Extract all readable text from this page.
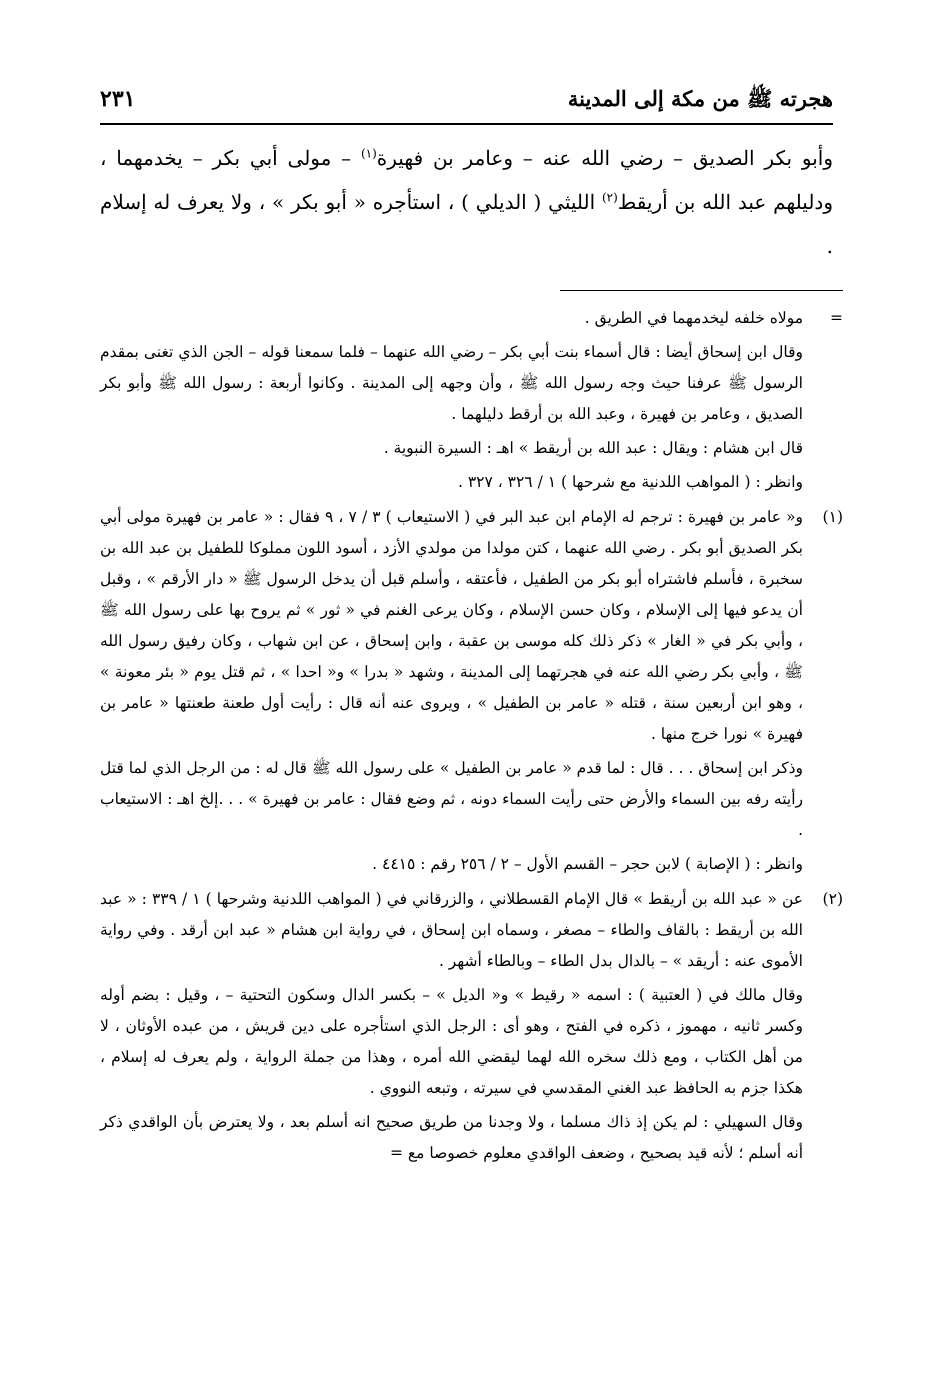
هجرته ﷺ من مكة إلى المدينة
٢٣١

وأبو بكر الصديق – رضي الله عنه – وعامر بن فهيرة$^{(١)}$ – مولى أبي بكر – يخدمهما ، ودليلهم عبد الله بن أريقط$^{(٢)}$ الليثي ( الديلي ) ، استأجره « أبو بكر » ، ولا يعرف له إسلام .

=

مولاه خلفه ليخدمهما في الطريق .

وقال ابن إسحاق أيضا : قال أسماء بنت أبي بكر – رضي الله عنهما – فلما سمعنا قوله – الجن الذي تغنى بمقدم الرسول ﷺ عرفنا حيث وجه رسول الله ﷺ ، وأن وجهه إلى المدينة . وكانوا أربعة : رسول الله ﷺ وأبو بكر الصديق ، وعامر بن فهيرة ، وعبد الله بن أرقط دليلهما .

قال ابن هشام : ويقال : عبد الله بن أريقط » اهـ : السيرة النبوية .

وانظر : ( المواهب اللدنية مع شرحها ) ١ / ٣٢٦ ، ٣٢٧ .

(١)

و« عامر بن فهيرة : ترجم له الإمام ابن عبد البر في ( الاستيعاب ) ٣ / ٧ ، ٩ فقال : « عامر بن فهيرة مولى أبي بكر الصديق أبو بكر . رضي الله عنهما ، كتن مولدا من مولدي الأزد ، أسود اللون مملوكا للطفيل بن عبد الله بن سخبرة ، فأسلم فاشتراه أبو بكر من الطفيل ، فأعتقه ، وأسلم قبل أن يدخل الرسول ﷺ « دار الأرقم » ، وقبل أن يدعو فيها إلى الإسلام ، وكان حسن الإسلام ، وكان يرعى الغنم في « ثور » ثم يروح بها على رسول الله ﷺ ، وأبي بكر في « الغار » ذكر ذلك كله موسى بن عقبة ، وابن إسحاق ، عن ابن شهاب ، وكان رفيق رسول الله ﷺ ، وأبي بكر رضي الله عنه في هجرتهما إلى المدينة ، وشهد « بدرا » و« احدا » ، ثم قتل يوم « بئر معونة » ، وهو ابن أربعين سنة ، قتله « عامر بن الطفيل » ، ويروى عنه أنه قال : رأيت أول طعنة طعنتها « عامر بن فهيرة » نورا خرج منها .

وذكر ابن إسحاق . . . قال : لما قدم « عامر بن الطفيل » على رسول الله ﷺ قال له : من الرجل الذي لما قتل رأيته رفه بين السماء والأرض حتى رأيت السماء دونه ، ثم وضع فقال : عامر بن فهيرة » . . .إلخ اهـ : الاستيعاب .

وانظر : ( الإصابة ) لابن حجر – القسم الأول – ٢ / ٢٥٦ رقم : ٤٤١٥ .

(٢)

عن « عبد الله بن أريقط » قال الإمام القسطلاني ، والزرقاني في ( المواهب اللدنية وشرحها ) ١ / ٣٣٩ : « عبد الله بن أريقط : بالقاف والطاء – مصغر ، وسماه ابن إسحاق ، في رواية ابن هشام « عبد ابن أرقد . وفي رواية الأموى عنه : أريقد » – بالدال بدل الطاء – وبالطاء أشهر .

وقال مالك في ( العتبية ) : اسمه « رقيط » و« الديل » – بكسر الدال وسكون التحتية – ، وقيل : بضم أوله وكسر ثانيه ، مهموز ، ذكره في الفتح ، وهو أى : الرجل الذي استأجره على دين قريش ، من عبده الأوثان ، لا من أهل الكتاب ، ومع ذلك سخره الله لهما ليقضي الله أمره ، وهذا من جملة الرواية ، ولم يعرف له إسلام ، هكذا جزم به الحافظ عبد الغني المقدسي في سيرته ، وتبعه النووي .

وقال السهيلي : لم يكن إذ ذاك مسلما ، ولا وجدنا من طريق صحيح انه أسلم بعد ، ولا يعترض بأن الواقدي ذكر أنه أسلم ؛ لأنه قيد بصحيح ، وضعف الواقدي معلوم خصوصا مع =
